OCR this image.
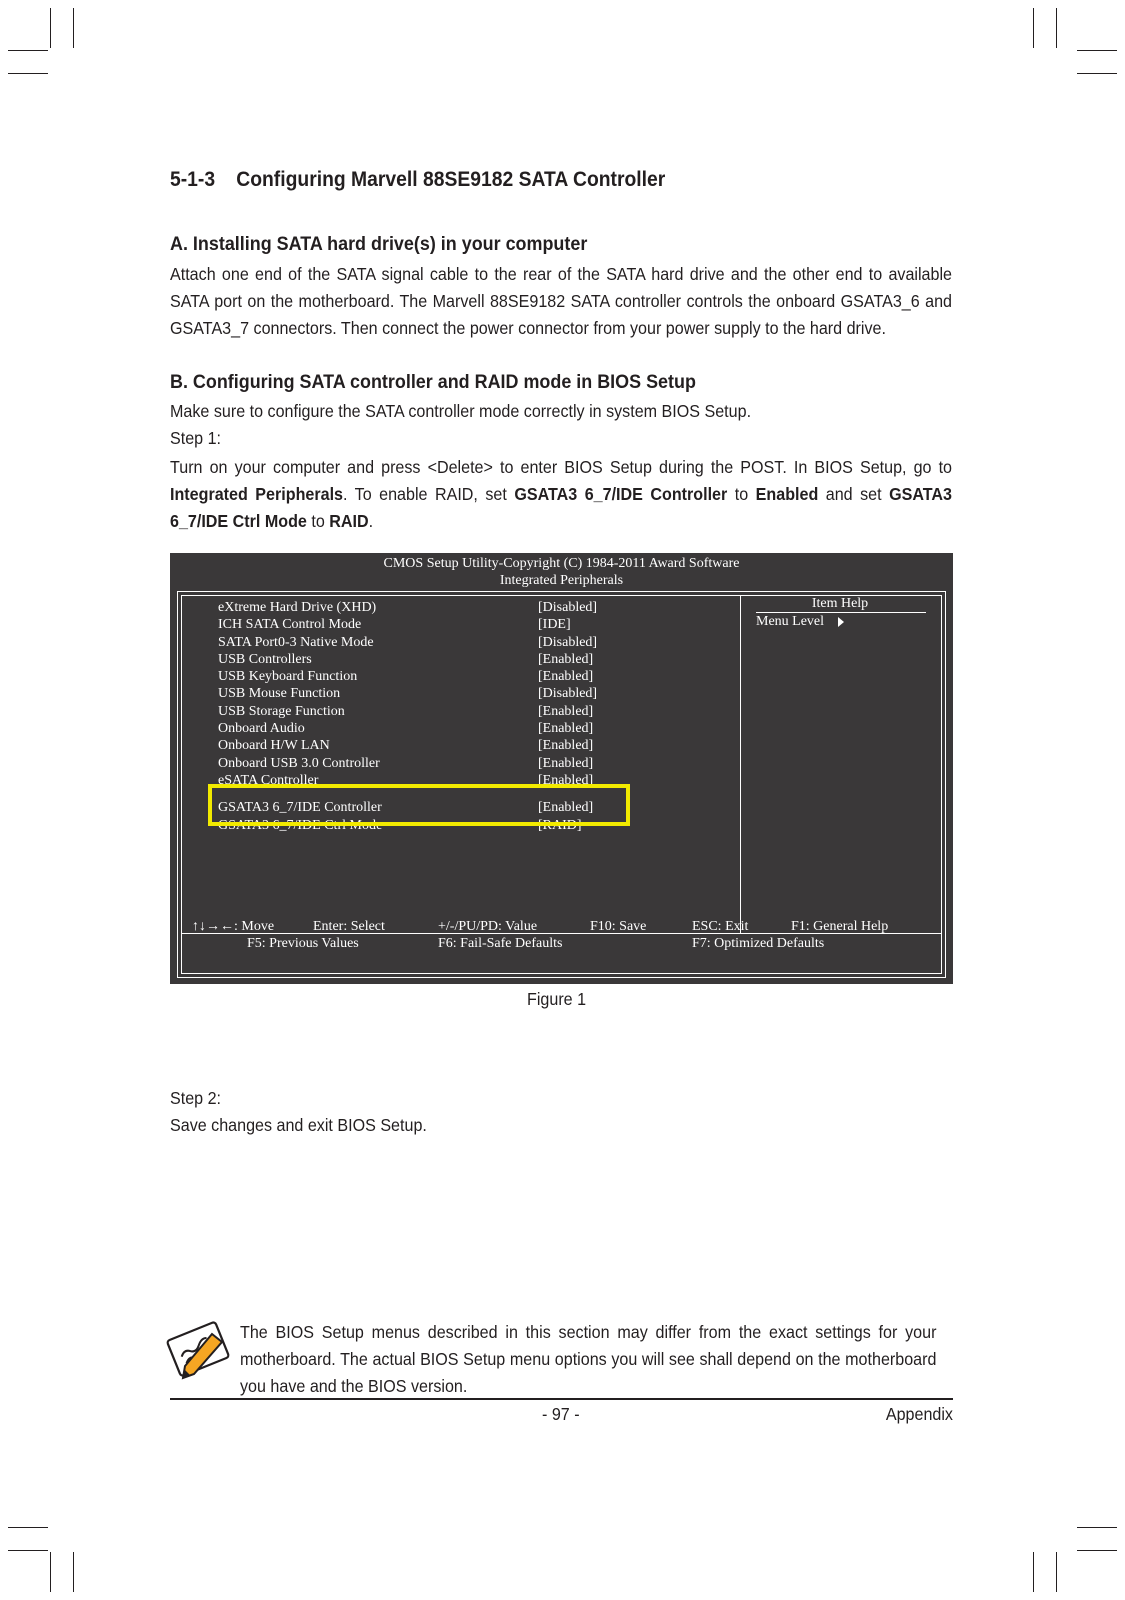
5-1-3 Configuring Marvell 88SE9182 SATA Controller
A. Installing SATA hard drive(s) in your computer
Attach one end of the SATA signal cable to the rear of the SATA hard drive and the other end to available SATA port on the motherboard. The Marvell 88SE9182 SATA controller controls the onboard GSATA3_6 and GSATA3_7 connectors. Then connect the power connector from your power supply to the hard drive.
B. Configuring SATA controller and RAID mode in BIOS Setup
Make sure to configure the SATA controller mode correctly in system BIOS Setup.
Step 1:
Turn on your computer and press <Delete> to enter BIOS Setup during the POST. In BIOS Setup, go to Integrated Peripherals. To enable RAID, set GSATA3 6_7/IDE Controller to Enabled and set GSATA3 6_7/IDE Ctrl Mode to RAID.
CMOS Setup Utility-Copyright (C) 1984-2011 Award Software
Integrated Peripherals
eXtreme Hard Drive (XHD)	[Disabled]
ICH SATA Control Mode	[IDE]
SATA Port0-3 Native Mode	[Disabled]
USB Controllers	[Enabled]
USB Keyboard Function	[Enabled]
USB Mouse Function	[Disabled]
USB Storage Function	[Enabled]
Onboard Audio	[Enabled]
Onboard H/W LAN	[Enabled]
Onboard USB 3.0 Controller	[Enabled]
eSATA Controller	[Enabled]
GSATA3 6_7/IDE Controller	[Enabled]
GSATA3 6_7/IDE Ctrl Mode	[RAID]
Item Help
Menu Level
↑↓→←: Move	Enter: Select	+/-/PU/PD: Value	F10: Save	ESC: Exit	F1: General Help
F5: Previous Values	F6: Fail-Safe Defaults	F7: Optimized Defaults
Figure 1
Step 2:
Save changes and exit BIOS Setup.
The BIOS Setup menus described in this section may differ from the exact settings for your motherboard. The actual BIOS Setup menu options you will see shall depend on the motherboard you have and the BIOS version.
- 97 -	Appendix
